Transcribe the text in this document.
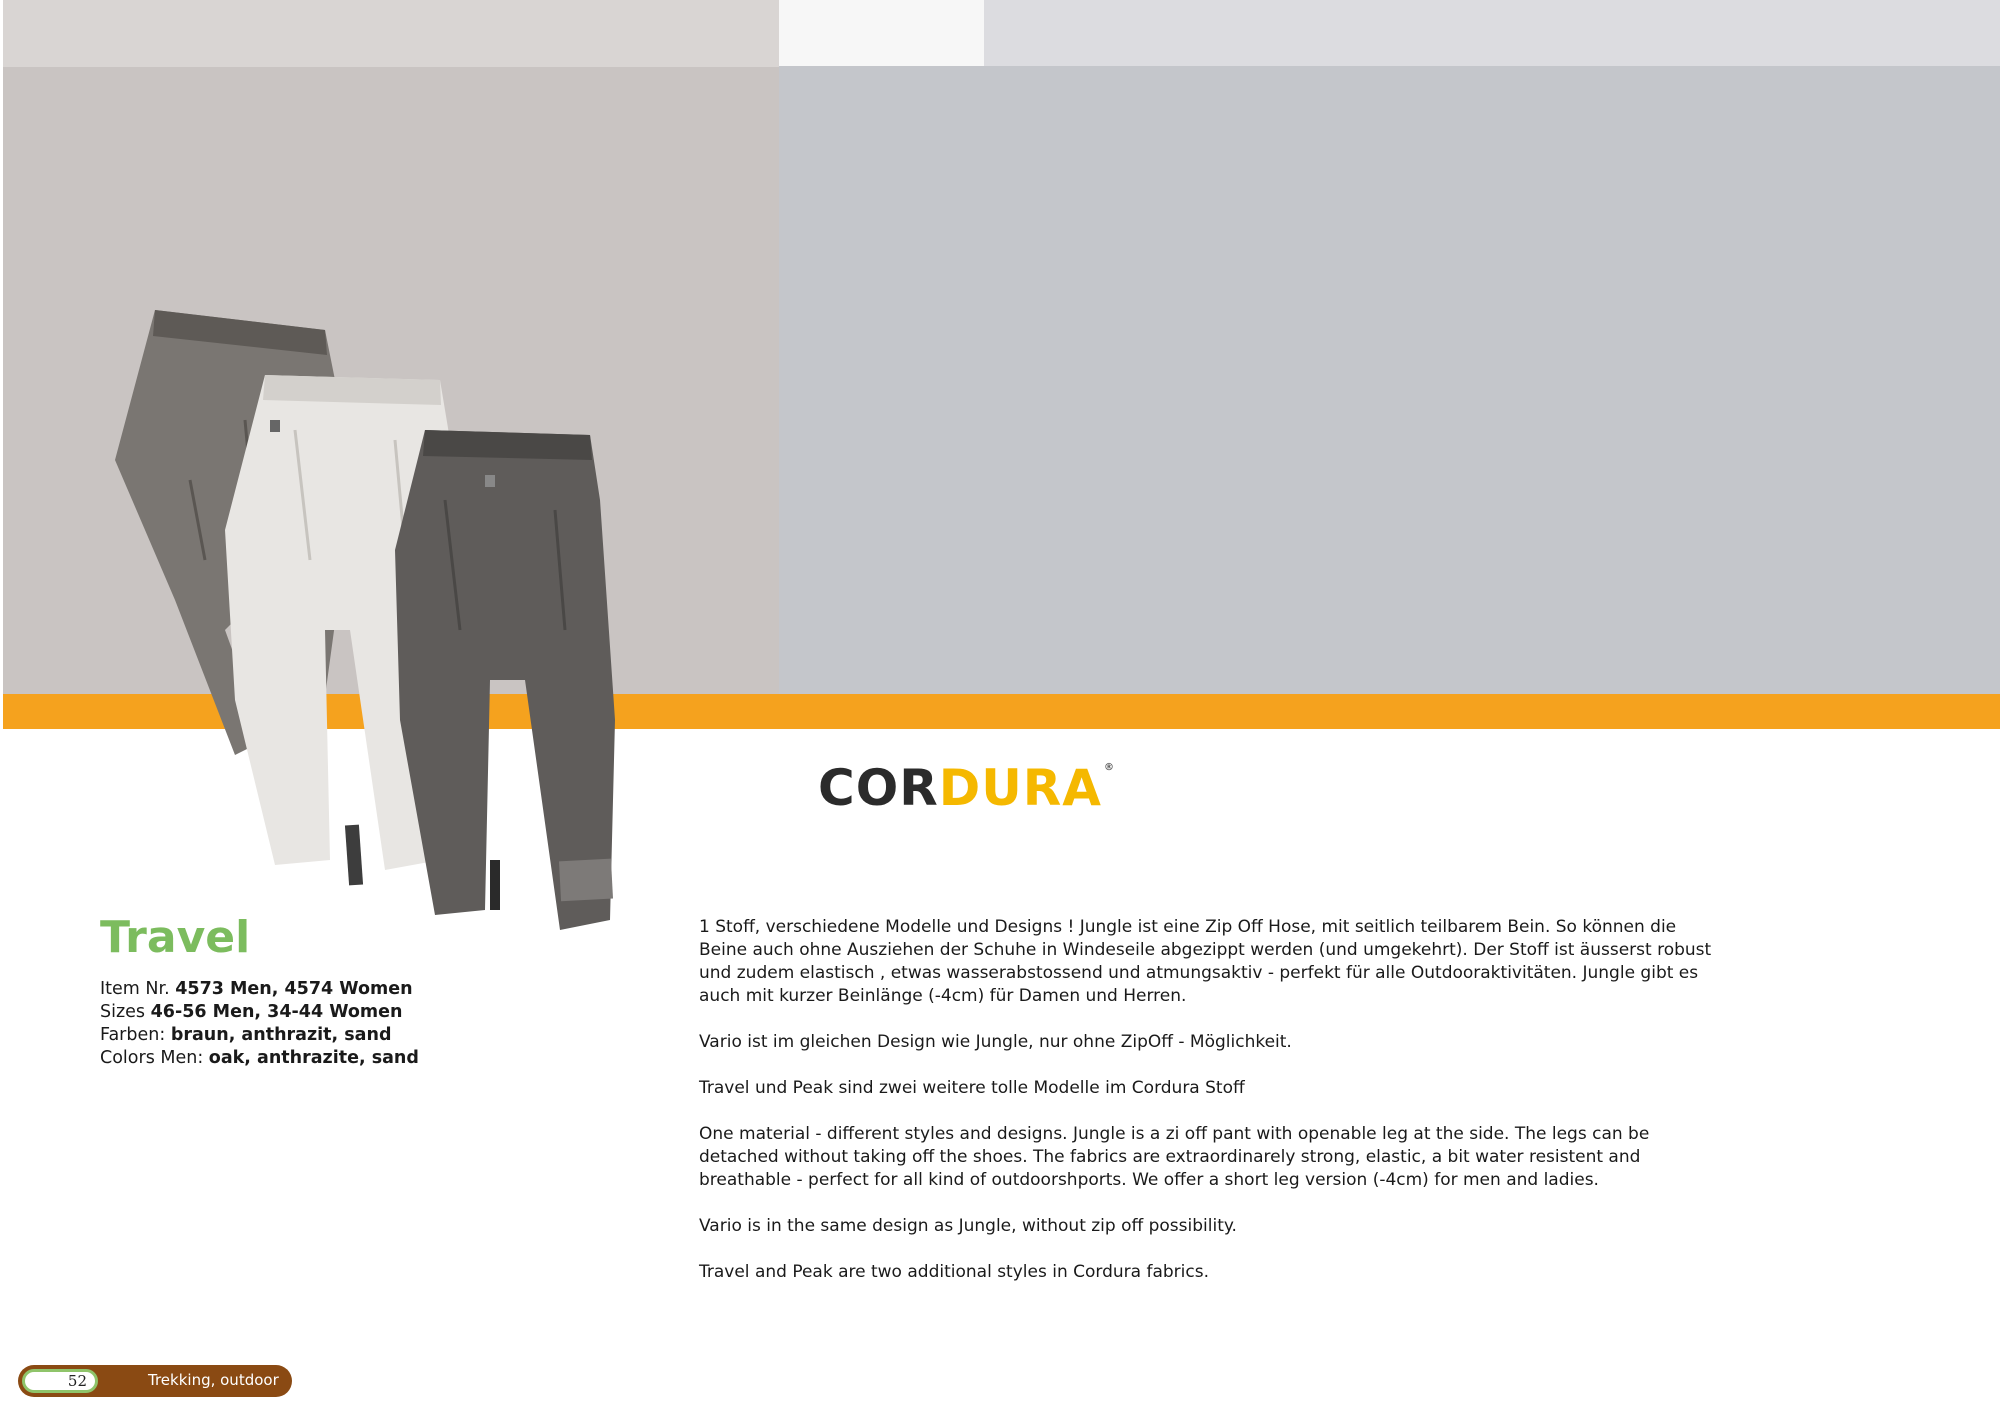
CORDURA ®
Travel
Item Nr. 4573 Men, 4574 Women
Sizes 46-56 Men, 34-44 Women
Farben: braun, anthrazit, sand
Colors Men: oak, anthrazite, sand

1 Stoff, verschiedene Modelle und Designs ! Jungle ist eine Zip Off Hose, mit seitlich teilbarem Bein. So können die Beine auch ohne Ausziehen der Schuhe in Windeseile abgezippt werden (und umgekehrt). Der Stoff ist äusserst robust und zudem elastisch , etwas wasserabstossend und atmungsaktiv - perfekt für alle Outdooraktivitäten. Jungle gibt es auch mit kurzer Beinlänge (-4cm) für Damen und Herren.

Vario ist im gleichen Design wie Jungle, nur ohne ZipOff - Möglichkeit.

Travel und Peak sind zwei weitere tolle Modelle im Cordura Stoff

One material - different styles and designs. Jungle is a zi off pant with openable leg at the side. The legs can be detached without taking off the shoes. The fabrics are extraordinarely strong, elastic, a bit water resistent and breathable - perfect for all kind of outdoorshports. We offer a short leg version (-4cm) for men and ladies.

Vario is in the same design as Jungle, without zip off possibility.

Travel and Peak are two additional styles in Cordura fabrics.

52	Trekking, outdoor
